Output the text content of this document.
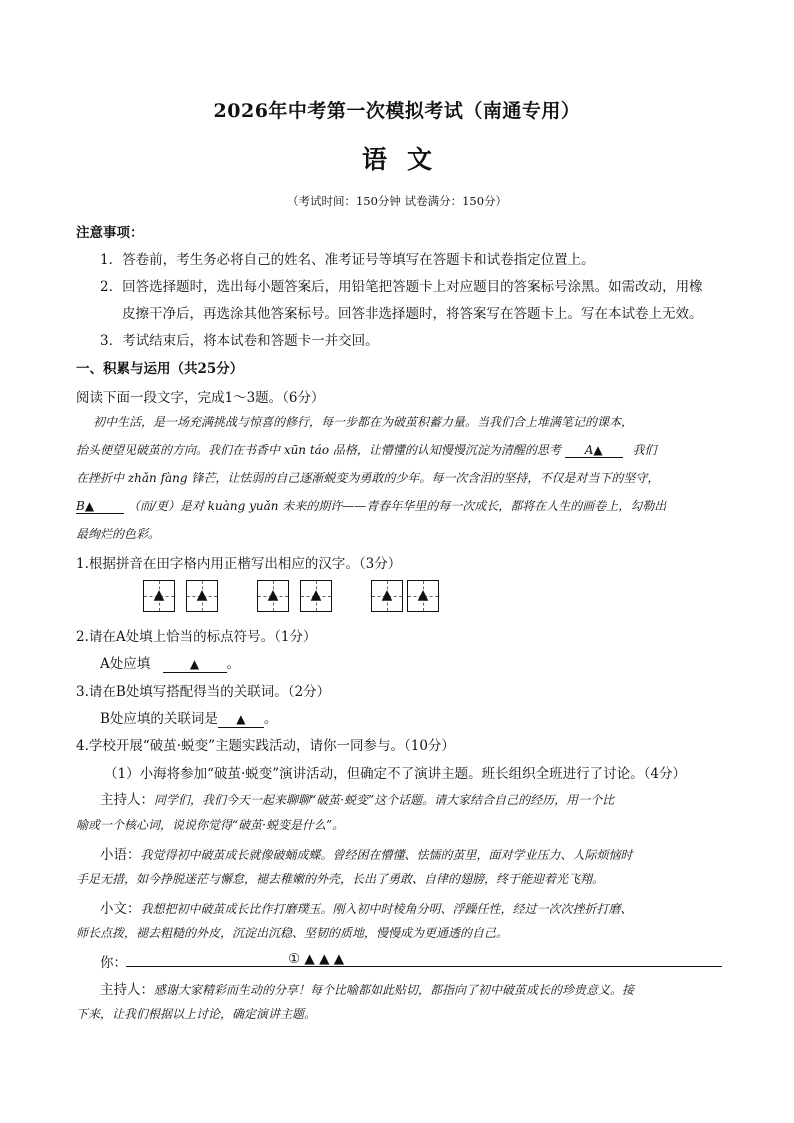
2026年中考第一次模拟考试（南通专用）
语文
（考试时间：150分钟 试卷满分：150分）
注意事项：
1．答卷前，考生务必将自己的姓名、准考证号等填写在答题卡和试卷指定位置上。
2．回答选择题时，选出每小题答案后，用铅笔把答题卡上对应题目的答案标号涂黑。如需改动，用橡
皮擦干净后，再选涂其他答案标号。回答非选择题时，将答案写在答题卡上。写在本试卷上无效。
3．考试结束后，将本试卷和答题卡一并交回。
一、积累与运用（共25分）
阅读下面一段文字，完成1～3题。（6分）
初中生活，是一场充满挑战与惊喜的修行，每一步都在为破茧积蓄力量。当我们合上堆满笔记的课本，
抬头便望见破茧的方向。我们在书香中 xūn táo 品格，让懵懂的认知慢慢沉淀为清醒的思考 A▲ 我们
在挫折中 zhǎn fàng 锋芒，让怯弱的自己逐渐蜕变为勇敢的少年。每一次含泪的坚持，不仅是对当下的坚守，
B▲	（而/更）是对 kuàng yuǎn 未来的期许——青春年华里的每一次成长，都将在人生的画卷上，勾勒出
最绚烂的色彩。
1.根据拼音在田字格内用正楷写出相应的汉字。（3分）
▲	▲	▲	▲	▲	▲
2.请在A处填上恰当的标点符号。（1分）
A处应填	▲ 。
3.请在B处填写搭配得当的关联词。（2分）
B处应填的关联词是 ▲ 。
4.学校开展“破茧·蜕变”主题实践活动，请你一同参与。（10分）
（1）小海将参加“破茧·蜕变”演讲活动，但确定不了演讲主题。班长组织全班进行了讨论。（4分）
主持人：同学们，我们今天一起来聊聊“破茧·蜕变”这个话题。请大家结合自己的经历，用一个比
喻或一个核心词，说说你觉得“破茧·蜕变是什么”。
小语：我觉得初中破茧成长就像破蛹成蝶。曾经困在懵懂、怯懦的茧里，面对学业压力、人际烦恼时
手足无措，如今挣脱迷茫与懈怠，褪去稚嫩的外壳，长出了勇敢、自律的翅膀，终于能迎着光飞翔。
小文：我想把初中破茧成长比作打磨璞玉。刚入初中时棱角分明、浮躁任性，经过一次次挫折打磨、
师长点拨，褪去粗糙的外皮，沉淀出沉稳、坚韧的质地，慢慢成为更通透的自己。
你：	① ▲ ▲ ▲
主持人：感谢大家精彩而生动的分享！每个比喻都如此贴切，都指向了初中破茧成长的珍贵意义。接
下来，让我们根据以上讨论，确定演讲主题。
